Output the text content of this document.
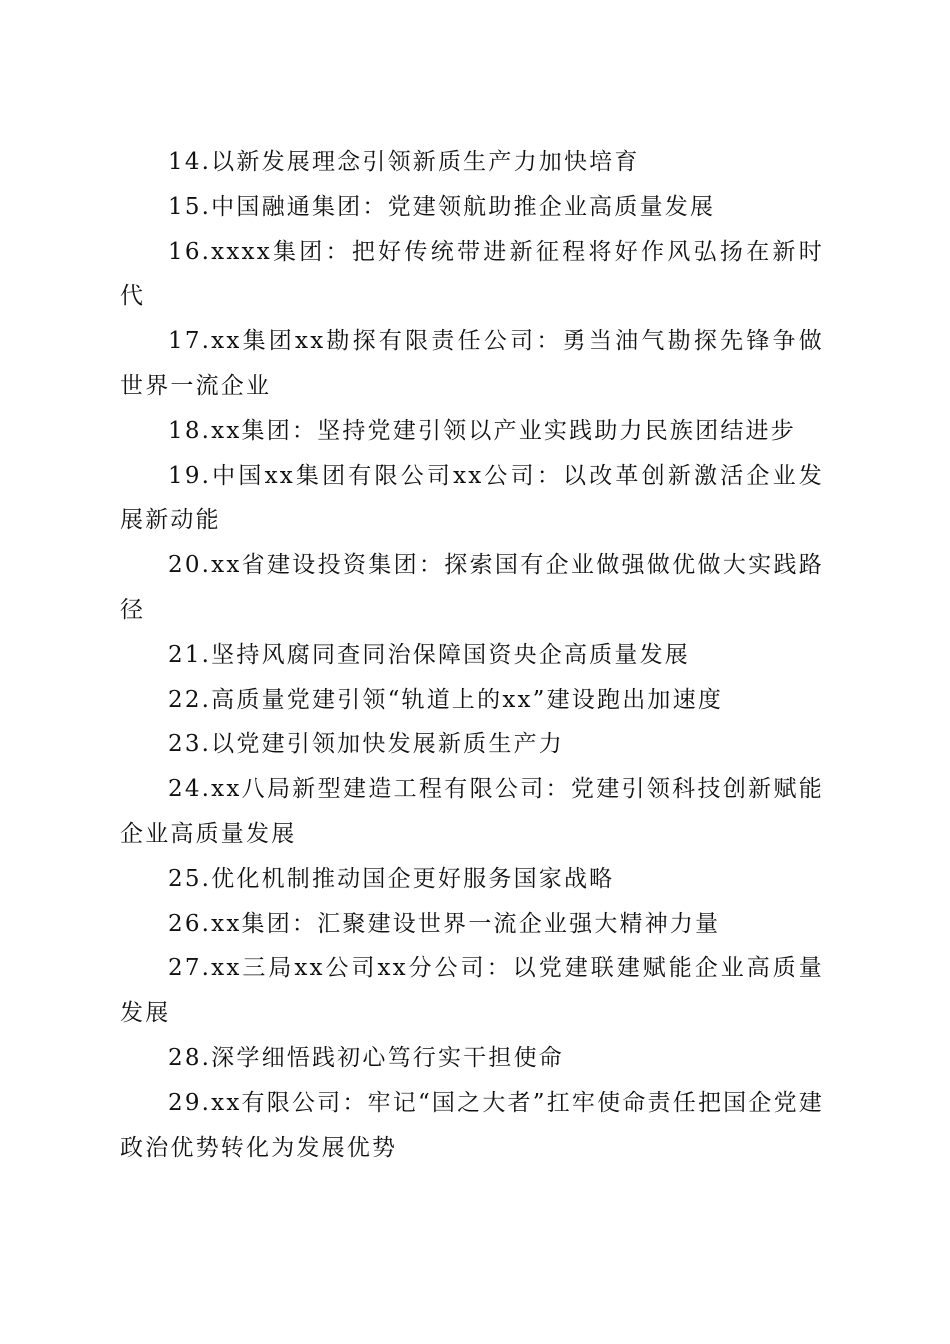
14.以新发展理念引领新质生产力加快培育

15.中国融通集团：党建领航助推企业高质量发展

16.xxxx集团：把好传统带进新征程将好作风弘扬在新时代

17.xx集团xx勘探有限责任公司：勇当油气勘探先锋争做世界一流企业

18.xx集团：坚持党建引领以产业实践助力民族团结进步

19.中国xx集团有限公司xx公司：以改革创新激活企业发展新动能

20.xx省建设投资集团：探索国有企业做强做优做大实践路径

21.坚持风腐同查同治保障国资央企高质量发展

22.高质量党建引领“轨道上的xx”建设跑出加速度

23.以党建引领加快发展新质生产力

24.xx八局新型建造工程有限公司：党建引领科技创新赋能企业高质量发展

25.优化机制推动国企更好服务国家战略

26.xx集团：汇聚建设世界一流企业强大精神力量

27.xx三局xx公司xx分公司：以党建联建赋能企业高质量发展

28.深学细悟践初心笃行实干担使命

29.xx有限公司：牢记“国之大者”扛牢使命责任把国企党建政治优势转化为发展优势
